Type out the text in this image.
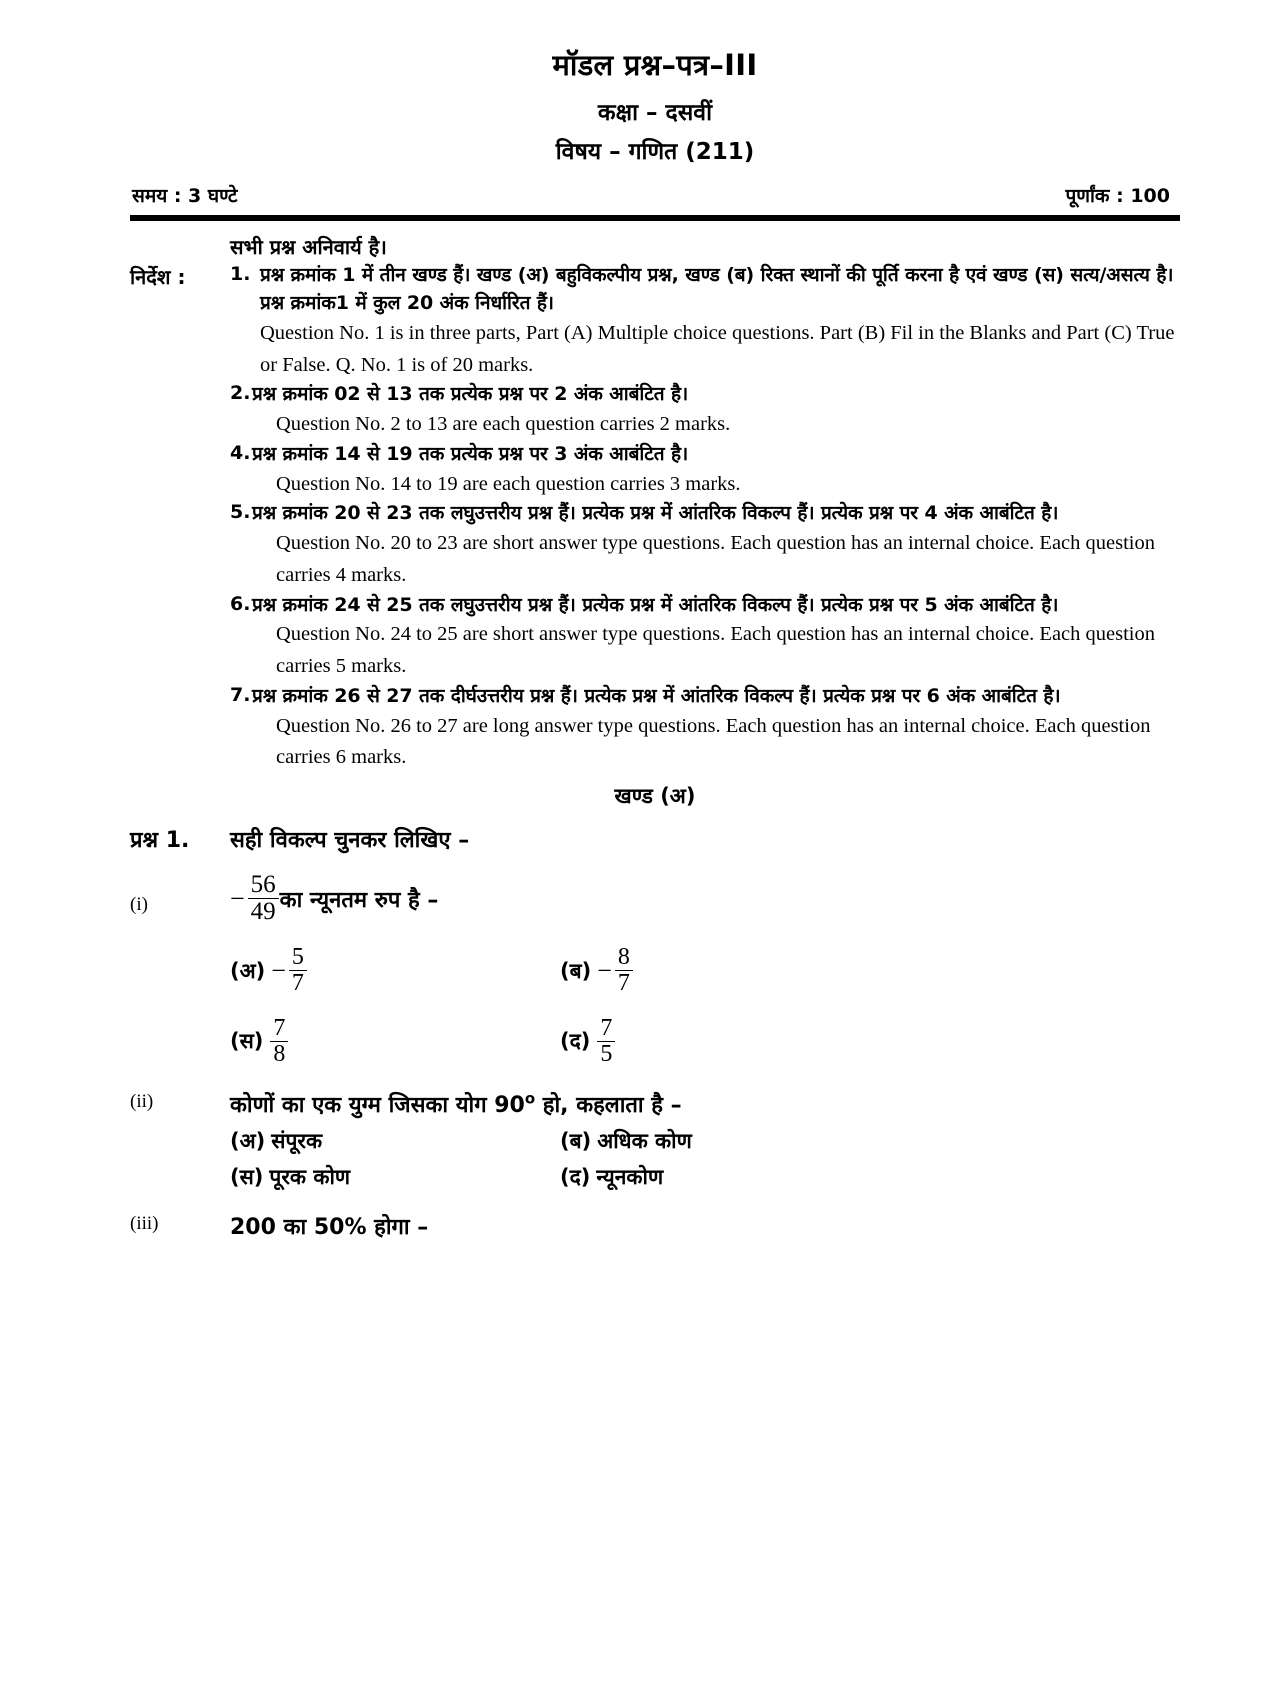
मॉडल प्रश्न–पत्र–III
कक्षा – दसवीं
विषय – गणित (211)
समय : 3 घण्टे	पूर्णांक : 100
सभी प्रश्न अनिवार्य है।
निर्देश :	1. प्रश्न क्रमांक 1 में तीन खण्ड हैं। खण्ड (अ) बहुविकल्पीय प्रश्न, खण्ड (ब) रिक्त स्थानों की पूर्ति करना है एवं खण्ड (स) सत्य/असत्य है। प्रश्न क्रमांक1 में कुल 20 अंक निर्धारित हैं।
Question No. 1 is in three parts, Part (A) Multiple choice questions. Part (B) Fil in the Blanks and Part (C) True or False. Q. No. 1 is of 20 marks.
2. प्रश्न क्रमांक 02 से 13 तक प्रत्येक प्रश्न पर 2 अंक आबंटित है।
Question No. 2 to 13 are each question carries 2 marks.
4. प्रश्न क्रमांक 14 से 19 तक प्रत्येक प्रश्न पर 3 अंक आबंटित है।
Question No. 14 to 19 are each question carries 3 marks.
5. प्रश्न क्रमांक 20 से 23 तक लघुउत्तरीय प्रश्न हैं। प्रत्येक प्रश्न में आंतरिक विकल्प हैं। प्रत्येक प्रश्न पर 4 अंक आबंटित है।
Question No. 20 to 23 are short answer type questions. Each question has an internal choice. Each question carries 4 marks.
6. प्रश्न क्रमांक 24 से 25 तक लघुउत्तरीय प्रश्न हैं। प्रत्येक प्रश्न में आंतरिक विकल्प हैं। प्रत्येक प्रश्न पर 5 अंक आबंटित है।
Question No. 24 to 25 are short answer type questions. Each question has an internal choice. Each question carries 5 marks.
7. प्रश्न क्रमांक 26 से 27 तक दीर्घउत्तरीय प्रश्न हैं। प्रत्येक प्रश्न में आंतरिक विकल्प हैं। प्रत्येक प्रश्न पर 6 अंक आबंटित है।
Question No. 26 to 27 are long answer type questions. Each question has an internal choice. Each question carries 6 marks.
खण्ड (अ)
प्रश्न 1.	सही विकल्प चुनकर लिखिए –
(i)	− $\frac{56}{49}$ का न्यूनतम रुप है –
(अ) − $\frac{5}{7}$	(ब) − $\frac{8}{7}$
(स) $\frac{7}{8}$	(द) $\frac{7}{5}$
(ii)	कोणों का एक युग्म जिसका योग 90$^o$ हो, कहलाता है –
(अ) संपूरक	(ब) अधिक कोण
(स) पूरक कोण	(द) न्यूनकोण
(iii)	200 का 50% होगा –
